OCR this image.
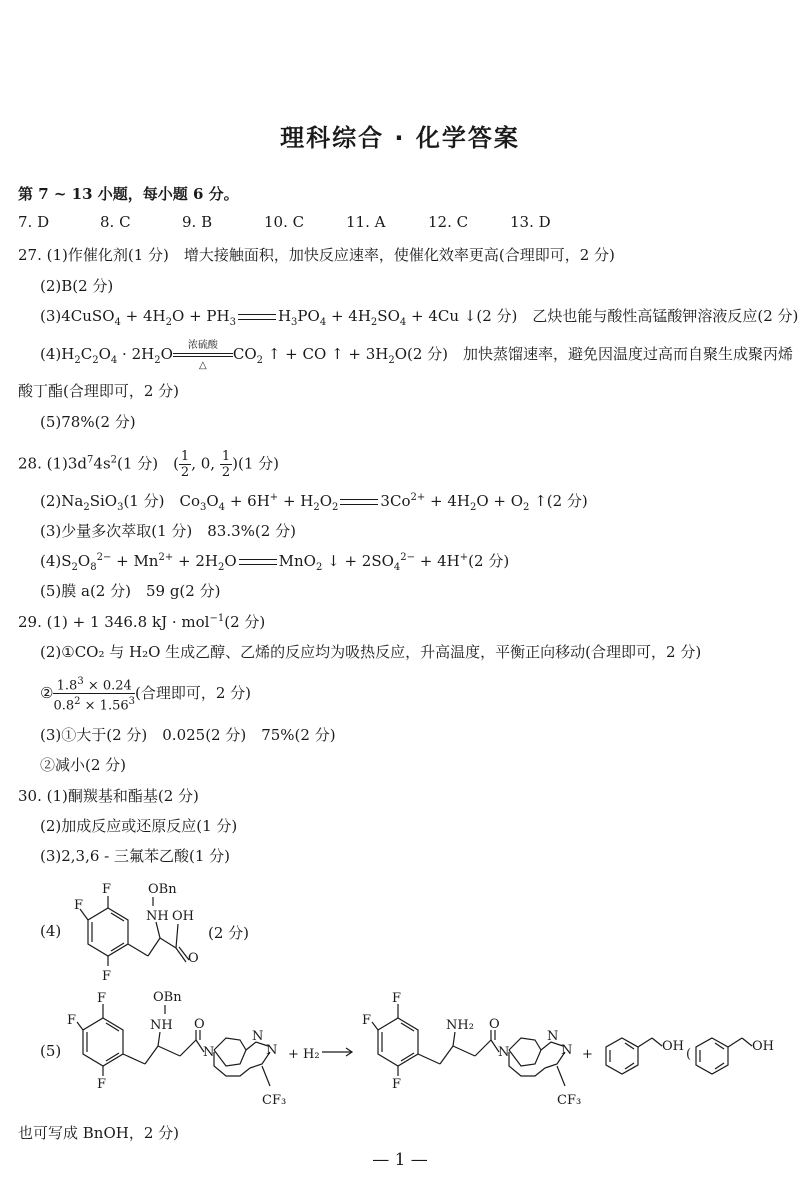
理科综合 · 化学答案
第 7 ~ 13 小题，每小题 6 分。
7. D	8. C	9. B	10. C	11. A	12. C	13. D
27. (1)作催化剂(1 分)　增大接触面积，加快反应速率，使催化效率更高(合理即可，2 分)
(2)B(2 分)
(3)4CuSO$_4$ + $4H_2O + PH_3$	$H_3PO_4 + 4H_2SO_4 + 4Cu$ ↓(2 分)　乙炔也能与酸性高锰酸钾溶液反应(2 分)
$(4)H_2C_2O_4 \cdot 2H_2O$	浓硫酸
△
$CO_2$ ↑ + CO ↑ + $3H_2O(2$ 分)　加快蒸馏速率，避免因温度过高而自聚生成聚丙烯
酸丁酯(合理即可，2 分)
(5)78%(2 分)
28. $(1)3d^74s^2(1$ 分)　( $\frac{1}{2}$ , 0, $\frac{1}{2} )(1$ 分)
$(2)Na_2SiO_3(1$ 分)　$Co_3O_4 + 6H^+ + H_2O_2$	$3Co^{2+} + 4H_2O + O_2$ ↑(2 分)
(3)少量多次萃取(1 分)　83.3%(2 分)
$(4)S_2O_8^{2-} + Mn^{2+} + 2H_2O$	MnO$_2$ ↓ + $2SO_4^{2-} + 4H^+(2$ 分)
(5)膜 a(2 分)　59 g(2 分)
29. (1) + 1 346.8 kJ · mol$^{-1}$(2 分)
(2)①CO₂ 与 H₂O 生成乙醇、乙烯的反应均为吸热反应，升高温度，平衡正向移动(合理即可，2 分)
② $\frac{1.8^3 \times 0.24}{0.8^2 \times 1.56^3}$ (合理即可，2 分)
(3)①大于(2 分)　0.025(2 分)　75%(2 分)
②减小(2 分)
30. (1)酮羰基和酯基(2 分)
(2)加成反应或还原反应(1 分)
(3)2,3,6 - 三氟苯乙酸(1 分)
(4)	(2 分)
F
F
F
NH
OBn
OH
O
(5)
F
F
F
NH
OBn
O
N
N
N
CF₃
+ H₂
F
F
F
NH₂ O
N
N
N
CF₃
+
OH
(
OH
也可写成 BnOH，2 分)
— 1 —
